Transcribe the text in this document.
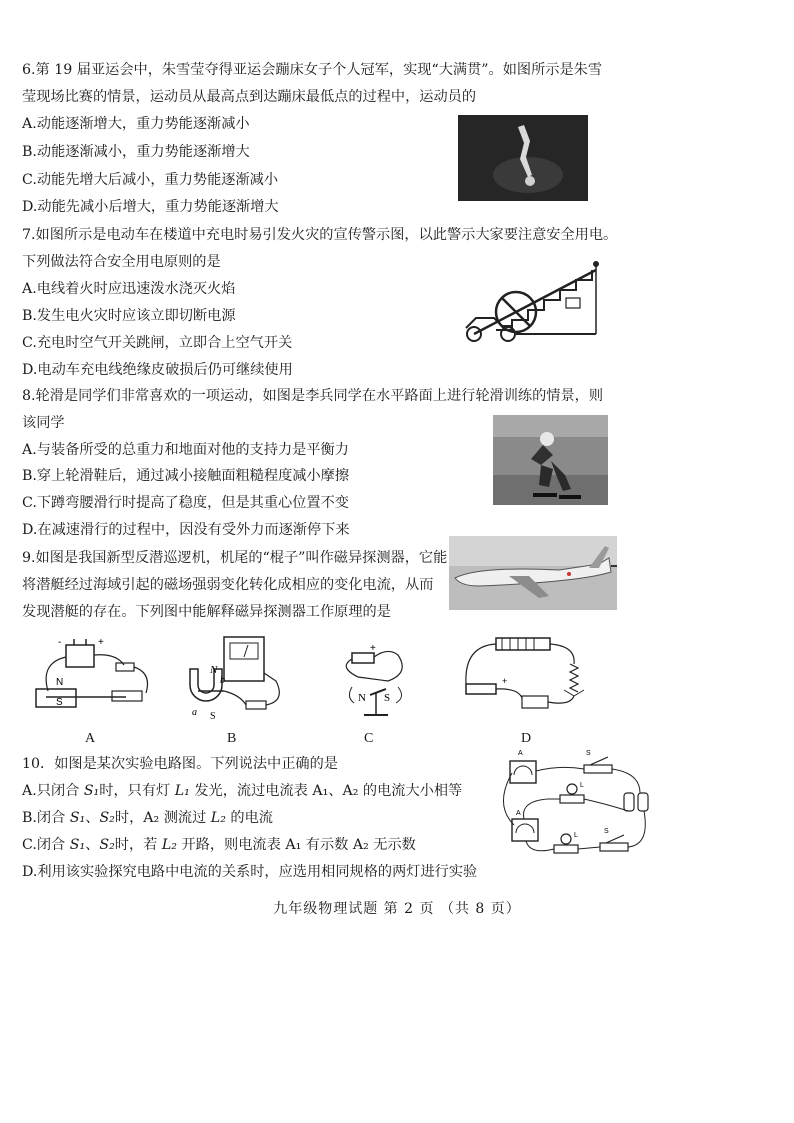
6.第 19 届亚运会中，朱雪莹夺得亚运会蹦床女子个人冠军，实现“大满贯”。如图所示是朱雪
莹现场比赛的情景，运动员从最高点到达蹦床最低点的过程中，运动员的
A.动能逐渐增大，重力势能逐渐减小
B.动能逐渐减小，重力势能逐渐增大
C.动能先增大后减小，重力势能逐渐减小
D.动能先减小后增大，重力势能逐渐增大
7.如图所示是电动车在楼道中充电时易引发火灾的宣传警示图，以此警示大家要注意安全用电。
下列做法符合安全用电原则的是
A.电线着火时应迅速泼水浇灭火焰
B.发生电火灾时应该立即切断电源
C.充电时空气开关跳闸，立即合上空气开关
D.电动车充电线绝缘皮破损后仍可继续使用
8.轮滑是同学们非常喜欢的一项运动，如图是李兵同学在水平路面上进行轮滑训练的情景，则
该同学
A.与装备所受的总重力和地面对他的支持力是平衡力
B.穿上轮滑鞋后，通过减小接触面粗糙程度减小摩擦
C.下蹲弯腰滑行时提高了稳度，但是其重心位置不变
D.在减速滑行的过程中，因没有受外力而逐渐停下来
9.如图是我国新型反潜巡逻机，机尾的“棍子”叫作磁异探测器，它能
将潜艇经过海域引起的磁场强弱变化转化成相应的变化电流，从而
发现潜艇的存在。下列图中能解释磁异探测器工作原理的是
-	+
N
S
N
b
a S
+
N S
+
A	B	C	D
10．如图是某次实验电路图。下列说法中正确的是
A.只闭合 S₁时，只有灯 L₁ 发光，流过电流表 A₁、A₂ 的电流大小相等
B.闭合 S₁、S₂时，A₂ 测流过 L₂ 的电流
C.闭合 S₁、S₂时，若 L₂ 开路，则电流表 A₁ 有示数 A₂ 无示数
D.利用该实验探究电路中电流的关系时，应选用相同规格的两灯进行实验
A
A
L
L
S
S
九年级物理试题 第 2 页 （共 8 页）
